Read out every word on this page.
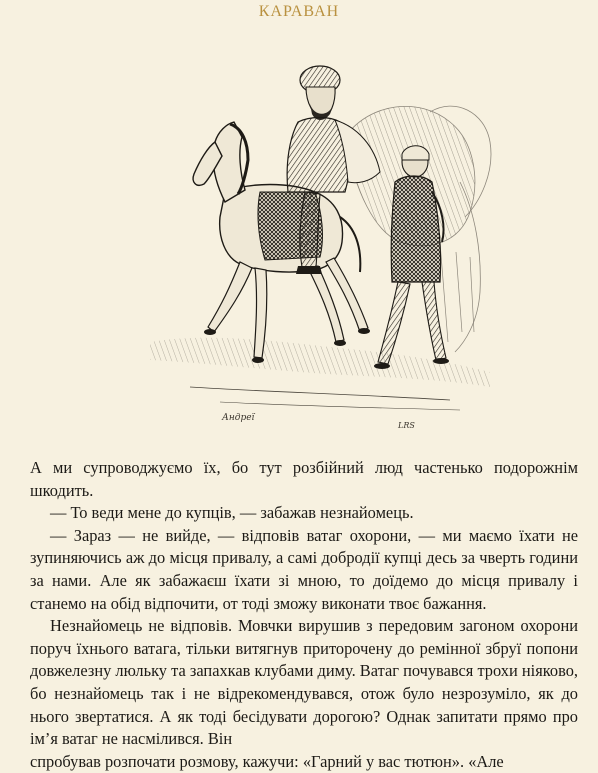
КАРАВАН
Андреї
LRS

А ми супроводжуємо їх, бо тут розбійний люд частенько подорожнім шкодить.

— То веди мене до купців, — забажав незнайомець.

— Зараз — не вийде, — відповів ватаг охорони, — ми маємо їхати не зупиняючись аж до місця привалу, а самі добродії купці десь за чверть години за нами. Але як забажаєш їхати зі мною, то доїдемо до місця привалу і станемо на обід відпочити, от тоді зможу виконати твоє бажання.

Незнайомець не відповів. Мовчки вирушив з передовим загоном охорони поруч їхнього ватага, тільки витягнув приторочену до ремінної збруї попони довжелезну люльку та запахкав клубами диму. Ватаг почувався трохи ніяково, бо незнайомець так і не відрекомендувався, отож було незрозуміло, як до нього звертатися. А як тоді бесідувати дорогою? Однак запитати прямо про ім’я ватаг не насмілився. Він

спробував розпочати розмову, кажучи: «Гарний у вас тютюн». «Але
